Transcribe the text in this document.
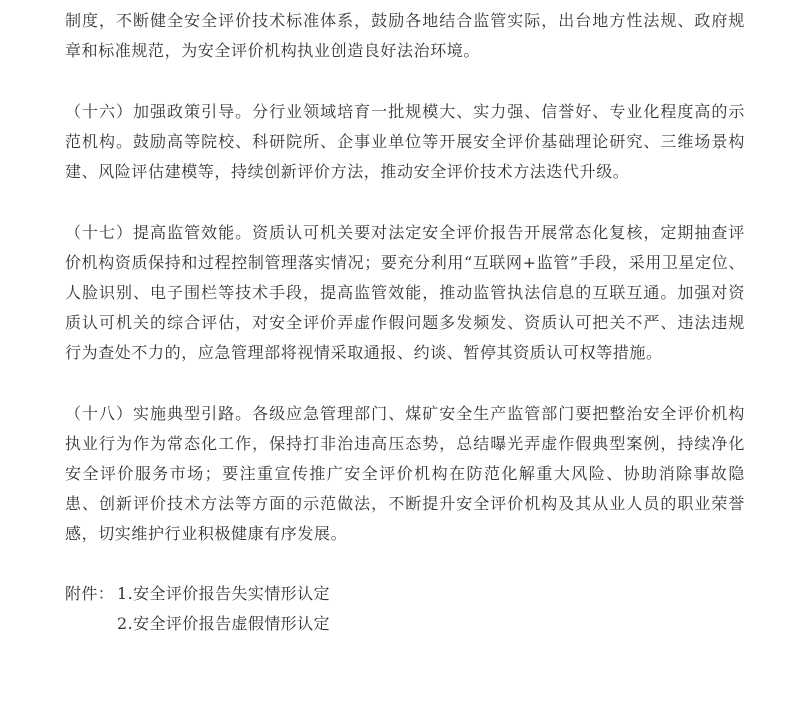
制度，不断健全安全评价技术标准体系，鼓励各地结合监管实际，出台地方性法规、政府规章和标准规范，为安全评价机构执业创造良好法治环境。

（十六）加强政策引导。分行业领域培育一批规模大、实力强、信誉好、专业化程度高的示范机构。鼓励高等院校、科研院所、企事业单位等开展安全评价基础理论研究、三维场景构建、风险评估建模等，持续创新评价方法，推动安全评价技术方法迭代升级。

（十七）提高监管效能。资质认可机关要对法定安全评价报告开展常态化复核，定期抽查评价机构资质保持和过程控制管理落实情况；要充分利用“互联网+监管”手段，采用卫星定位、人脸识别、电子围栏等技术手段，提高监管效能，推动监管执法信息的互联互通。加强对资质认可机关的综合评估，对安全评价弄虚作假问题多发频发、资质认可把关不严、违法违规行为查处不力的，应急管理部将视情采取通报、约谈、暂停其资质认可权等措施。

（十八）实施典型引路。各级应急管理部门、煤矿安全生产监管部门要把整治安全评价机构执业行为作为常态化工作，保持打非治违高压态势，总结曝光弄虚作假典型案例，持续净化安全评价服务市场；要注重宣传推广安全评价机构在防范化解重大风险、协助消除事故隐患、创新评价技术方法等方面的示范做法，不断提升安全评价机构及其从业人员的职业荣誉感，切实维护行业积极健康有序发展。

附件： 1.安全评价报告失实情形认定
2.安全评价报告虚假情形认定
